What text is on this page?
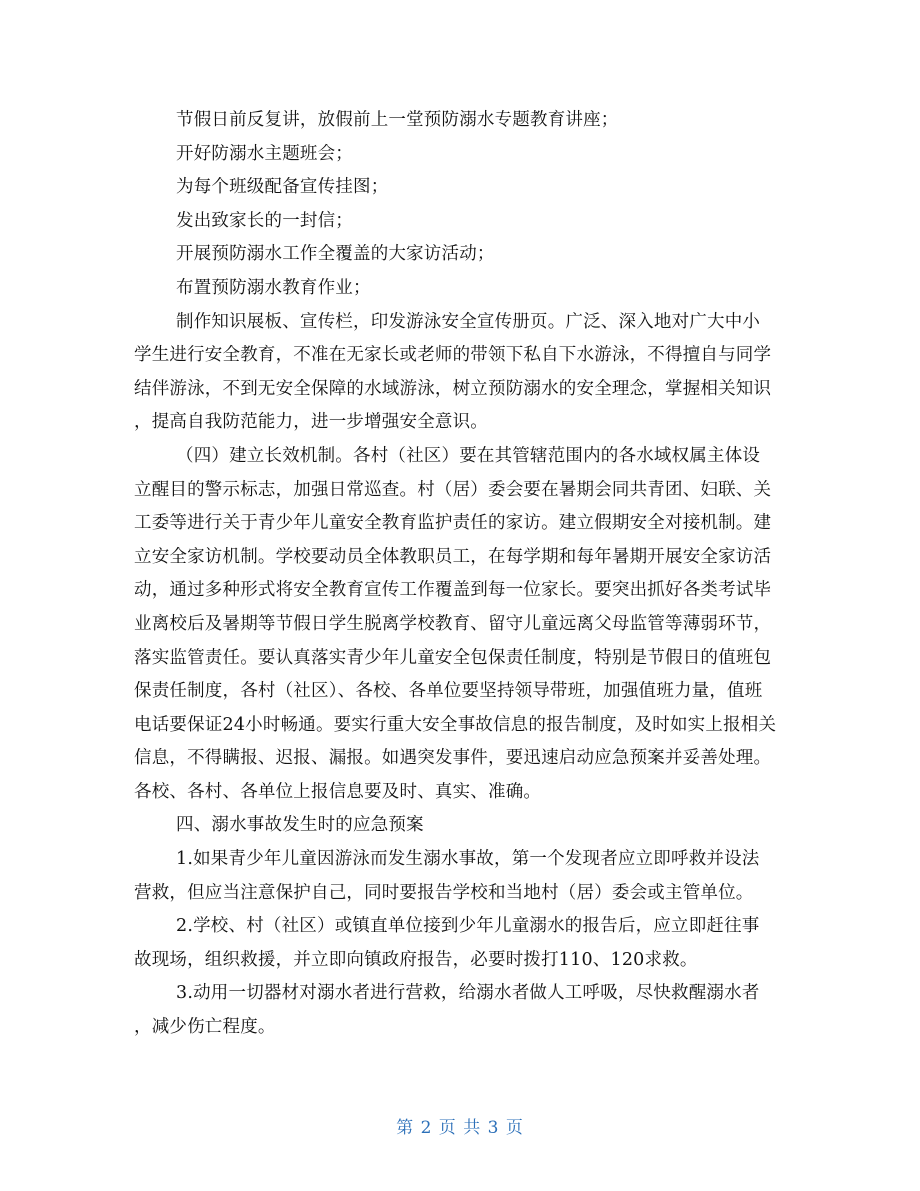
节假日前反复讲，放假前上一堂预防溺水专题教育讲座；
开好防溺水主题班会；
为每个班级配备宣传挂图；
发出致家长的一封信；
开展预防溺水工作全覆盖的大家访活动；
布置预防溺水教育作业；
制作知识展板、宣传栏，印发游泳安全宣传册页。广泛、深入地对广大中小
学生进行安全教育，不准在无家长或老师的带领下私自下水游泳，不得擅自与同学
结伴游泳，不到无安全保障的水域游泳，树立预防溺水的安全理念，掌握相关知识
，提高自我防范能力，进一步增强安全意识。
（四）建立长效机制。各村（社区）要在其管辖范围内的各水域权属主体设
立醒目的警示标志，加强日常巡查。村（居）委会要在暑期会同共青团、妇联、关
工委等进行关于青少年儿童安全教育监护责任的家访。建立假期安全对接机制。建
立安全家访机制。学校要动员全体教职员工，在每学期和每年暑期开展安全家访活
动，通过多种形式将安全教育宣传工作覆盖到每一位家长。要突出抓好各类考试毕
业离校后及暑期等节假日学生脱离学校教育、留守儿童远离父母监管等薄弱环节，
落实监管责任。要认真落实青少年儿童安全包保责任制度，特别是节假日的值班包
保责任制度，各村（社区）、各校、各单位要坚持领导带班，加强值班力量，值班
电话要保证24小时畅通。要实行重大安全事故信息的报告制度，及时如实上报相关
信息，不得瞒报、迟报、漏报。如遇突发事件，要迅速启动应急预案并妥善处理。
各校、各村、各单位上报信息要及时、真实、准确。
四、溺水事故发生时的应急预案
1.如果青少年儿童因游泳而发生溺水事故，第一个发现者应立即呼救并设法
营救，但应当注意保护自己，同时要报告学校和当地村（居）委会或主管单位。
2.学校、村（社区）或镇直单位接到少年儿童溺水的报告后，应立即赶往事
故现场，组织救援，并立即向镇政府报告，必要时拨打110、120求救。
3.动用一切器材对溺水者进行营救，给溺水者做人工呼吸，尽快救醒溺水者
，减少伤亡程度。
第 2 页 共 3 页
